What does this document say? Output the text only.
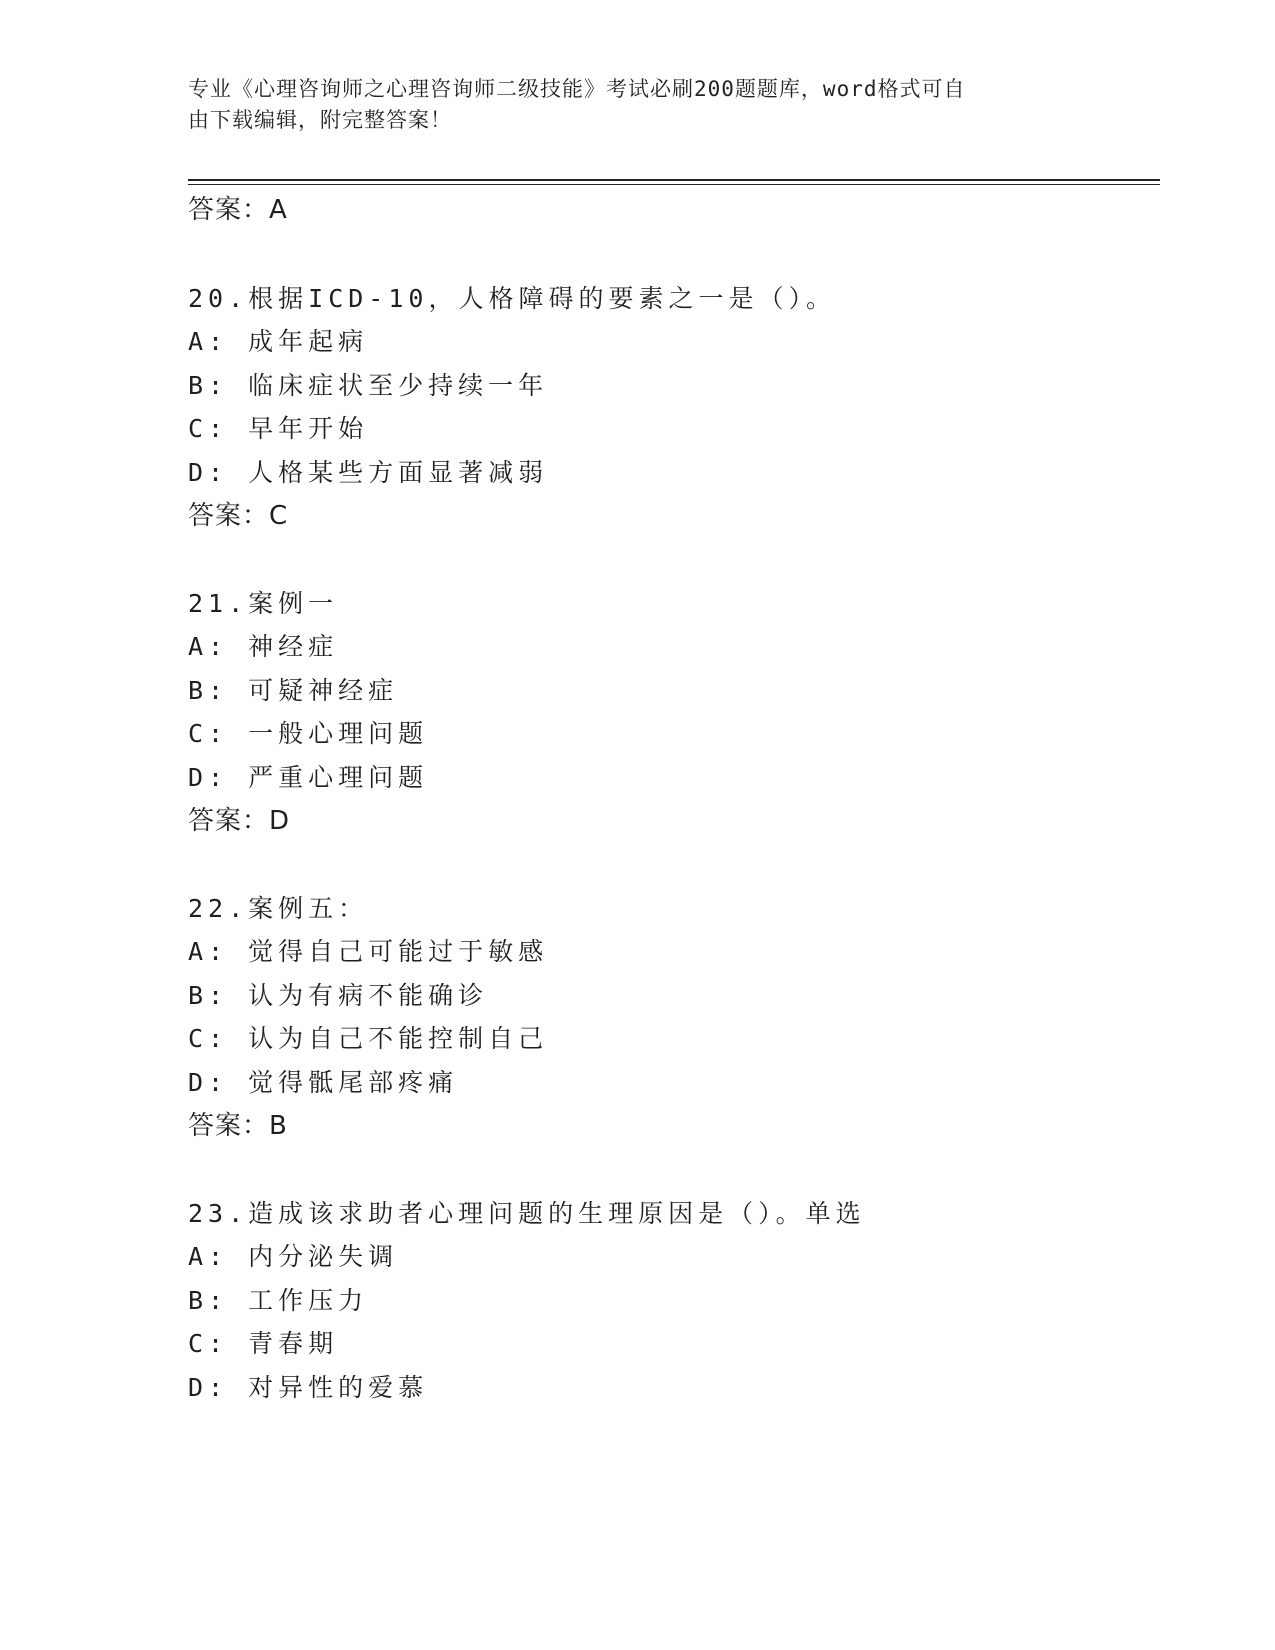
专业《心理咨询师之心理咨询师二级技能》考试必刷200题题库，word格式可自
由下载编辑，附完整答案！
答案：A
20.根据ICD-10，人格障碍的要素之一是（）。
A: 成年起病
B: 临床症状至少持续一年
C: 早年开始
D: 人格某些方面显著减弱
答案：C
21.案例一
A: 神经症
B: 可疑神经症
C: 一般心理问题
D: 严重心理问题
答案：D
22.案例五：
A: 觉得自己可能过于敏感
B: 认为有病不能确诊
C: 认为自己不能控制自己
D: 觉得骶尾部疼痛
答案：B
23.造成该求助者心理问题的生理原因是（）。单选
A: 内分泌失调
B: 工作压力
C: 青春期
D: 对异性的爱慕
